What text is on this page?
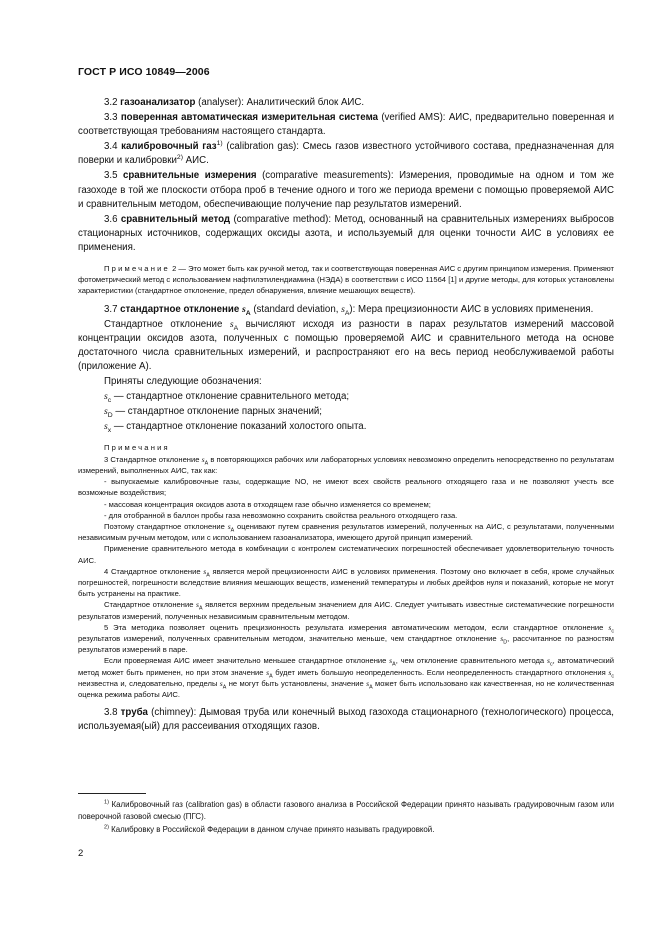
ГОСТ Р ИСО 10849—2006

3.2 газоанализатор (analyser): Аналитический блок АИС.

3.3 поверенная автоматическая измерительная система (verified AMS): АИС, предварительно поверенная и соответствующая требованиям настоящего стандарта.

3.4 калибровочный газ$^{1)}$ (calibration gas): Смесь газов известного устойчивого состава, предназначенная для поверки и калибровки$^{2)}$ АИС.

3.5 сравнительные измерения (comparative measurements): Измерения, проводимые на одном и том же газоходе в той же плоскости отбора проб в течение одного и того же периода времени с помощью проверяемой АИС и сравнительным методом, обеспечивающие получение пар результатов измерений.

3.6 сравнительный метод (comparative method): Метод, основанный на сравнительных измерениях выбросов стационарных источников, содержащих оксиды азота, и используемый для оценки точности АИС в условиях ее применения.

Примечание 2 — Это может быть как ручной метод, так и соответствующая поверенная АИС с другим принципом измерения. Применяют фотометрический метод с использованием нафтилэтилендиамина (НЭДА) в соответствии с ИСО 11564 [1] и другие методы, для которых установлены характеристики (стандартное отклонение, предел обнаружения, влияние мешающих веществ).

3.7 стандартное отклонение $s_A$ (standard deviation, $s_A$): Мера прецизионности АИС в условиях применения.

Стандартное отклонение $s_A$ вычисляют исходя из разности в парах результатов измерений массовой концентрации оксидов азота, полученных с помощью проверяемой АИС и сравнительного метода на основе достаточного числа сравнительных измерений, и распространяют его на весь период необслуживаемой работы (приложение А).

Приняты следующие обозначения:

$s_c$ — стандартное отклонение сравнительного метода;

$s_D$ — стандартное отклонение парных значений;

$s_x$ — стандартное отклонение показаний холостого опыта.

Примечания

3 Стандартное отклонение $s_A$ в повторяющихся рабочих или лабораторных условиях невозможно определить непосредственно по результатам измерений, выполненных АИС, так как:

- выпускаемые калибровочные газы, содержащие NO, не имеют всех свойств реального отходящего газа и не позволяют учесть все возможные воздействия;

- массовая концентрация оксидов азота в отходящем газе обычно изменяется со временем;

- для отобранной в баллон пробы газа невозможно сохранить свойства реального отходящего газа.

Поэтому стандартное отклонение $s_A$ оценивают путем сравнения результатов измерений, полученных на АИС, с результатами, полученными независимым ручным методом, или с использованием газоанализатора, имеющего другой принцип измерений.

Применение сравнительного метода в комбинации с контролем систематических погрешностей обеспечивает удовлетворительную точность АИС.

4 Стандартное отклонение $s_A$ является мерой прецизионности АИС в условиях применения. Поэтому оно включает в себя, кроме случайных погрешностей, погрешности вследствие влияния мешающих веществ, изменений температуры и любых дрейфов нуля и показаний, которые не могут быть устранены на практике.

Стандартное отклонение $s_A$ является верхним предельным значением для АИС. Следует учитывать известные систематические погрешности результатов измерений, полученных независимым сравнительным методом.

5 Эта методика позволяет оценить прецизионность результата измерения автоматическим методом, если стандартное отклонение $s_c$ результатов измерений, полученных сравнительным методом, значительно меньше, чем стандартное отклонение $s_D$, рассчитанное по разностям результатов измерений в паре.

Если проверяемая АИС имеет значительно меньшее стандартное отклонение $s_A$, чем отклонение сравнительного метода $s_c$, автоматический метод может быть применен, но при этом значение $s_A$ будет иметь большую неопределенность. Если неопределенность стандартного отклонения $s_c$ неизвестна и, следовательно, пределы $s_A$ не могут быть установлены, значение $s_A$ может быть использовано как качественная, но не количественная оценка режима работы АИС.

3.8 труба (chimney): Дымовая труба или конечный выход газохода стационарного (технологического) процесса, используемая(ый) для рассеивания отходящих газов.

$^{1)}$ Калибровочный газ (calibration gas) в области газового анализа в Российской Федерации принято называть градуировочным газом или поверочной газовой смесью (ПГС).

$^{2)}$ Калибровку в Российской Федерации в данном случае принято называть градуировкой.

2
